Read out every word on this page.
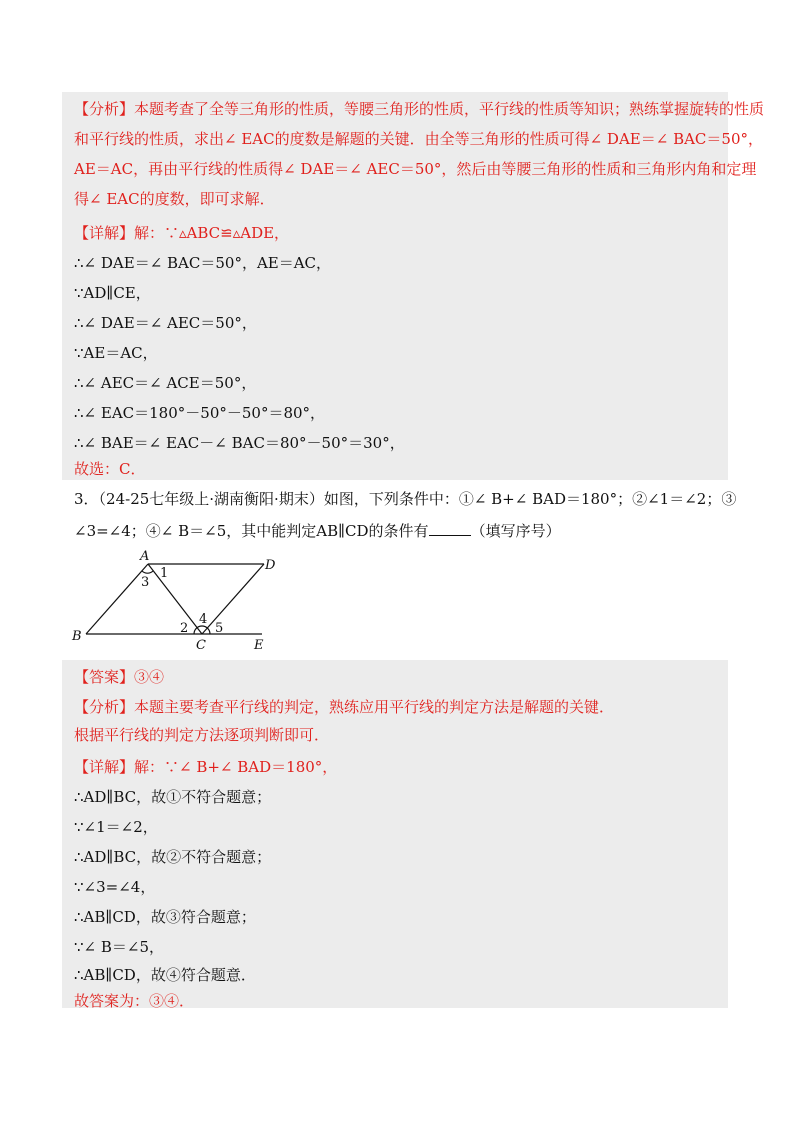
【分析】本题考查了全等三角形的性质，等腰三角形的性质，平行线的性质等知识；熟练掌握旋转的性质
和平行线的性质，求出∠ EAC的度数是解题的关键．由全等三角形的性质可得∠ DAE＝∠ BAC＝50°，
AE＝AC，再由平行线的性质得∠ DAE＝∠ AEC＝50°，然后由等腰三角形的性质和三角形内角和定理
得∠ EAC的度数，即可求解．
【详解】解：∵▵ABC≌▵ADE，
∴∠ DAE＝∠ BAC＝50°，AE＝AC，
∵AD∥CE，
∴∠ DAE＝∠ AEC＝50°，
∵AE＝AC，
∴∠ AEC＝∠ ACE＝50°，
∴∠ EAC＝180°－50°－50°＝80°，
∴∠ BAE＝∠ EAC－∠ BAC＝80°－50°＝30°，
故选：C．
3．（24-25七年级上·湖南衡阳·期末）如图，下列条件中：①∠ B+∠ BAD＝180°；②∠1＝∠2；③
∠3=∠4；④∠ B＝∠5，其中能判定AB∥CD的条件有	（填写序号）
A
D
B
C	E
1
3
2
4
5
【答案】③④
【分析】本题主要考查平行线的判定，熟练应用平行线的判定方法是解题的关键．
根据平行线的判定方法逐项判断即可．
【详解】解：∵∠ B+∠ BAD＝180°，
∴AD∥BC，故①不符合题意；
∵∠1＝∠2，
∴AD∥BC，故②不符合题意；
∵∠3=∠4，
∴AB∥CD，故③符合题意；
∵∠ B＝∠5，
∴AB∥CD，故④符合题意．
故答案为：③④．
